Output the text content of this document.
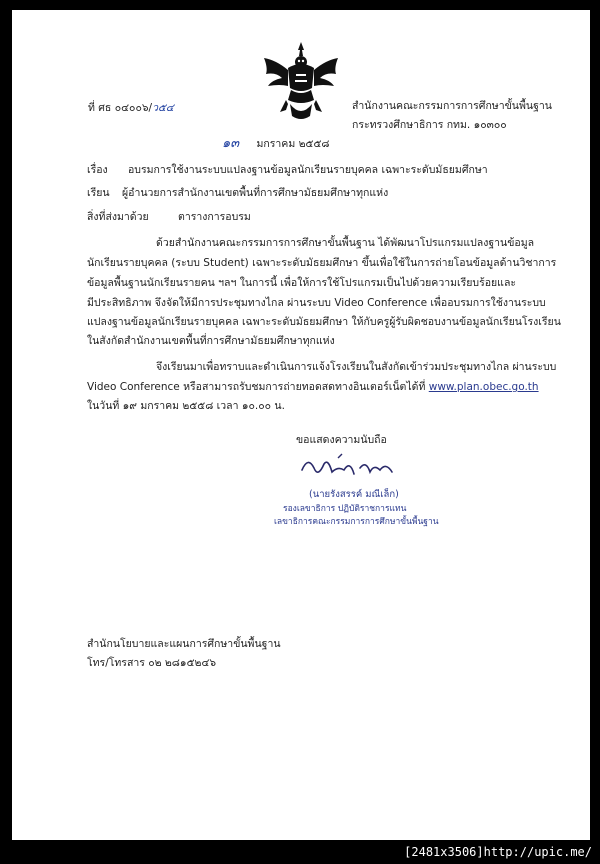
ที่ ศธ ๐๔๐๐๖/ว๕๔	สำนักงานคณะกรรมการการศึกษาขั้นพื้นฐาน
กระทรวงศึกษาธิการ กทม. ๑๐๓๐๐
๑๓ มกราคม ๒๕๕๘
เรื่อง อบรมการใช้งานระบบแปลงฐานข้อมูลนักเรียนรายบุคคล เฉพาะระดับมัธยมศึกษา
เรียน ผู้อำนวยการสำนักงานเขตพื้นที่การศึกษามัธยมศึกษาทุกแห่ง
สิ่งที่ส่งมาด้วย	ตารางการอบรม
ด้วยสำนักงานคณะกรรมการการศึกษาขั้นพื้นฐาน ได้พัฒนาโปรแกรมแปลงฐานข้อมูล
นักเรียนรายบุคคล (ระบบ Student) เฉพาะระดับมัธยมศึกษา ขึ้นเพื่อใช้ในการถ่ายโอนข้อมูลด้านวิชาการ
ข้อมูลพื้นฐานนักเรียนรายคน ฯลฯ ในการนี้ เพื่อให้การใช้โปรแกรมเป็นไปด้วยความเรียบร้อยและ
มีประสิทธิภาพ จึงจัดให้มีการประชุมทางไกล ผ่านระบบ Video Conference เพื่ออบรมการใช้งานระบบ
แปลงฐานข้อมูลนักเรียนรายบุคคล เฉพาะระดับมัธยมศึกษา ให้กับครูผู้รับผิดชอบงานข้อมูลนักเรียนโรงเรียน
ในสังกัดสำนักงานเขตพื้นที่การศึกษามัธยมศึกษาทุกแห่ง
จึงเรียนมาเพื่อทราบและดำเนินการแจ้งโรงเรียนในสังกัดเข้าร่วมประชุมทางไกล ผ่านระบบ
Video Conference หรือสามารถรับชมการถ่ายทอดสดทางอินเตอร์เน็ตได้ที่ www.plan.obec.go.th
ในวันที่ ๑๙ มกราคม ๒๕๕๘ เวลา ๑๐.๐๐ น.
ขอแสดงความนับถือ
(นายรังสรรค์ มณีเล็ก)
รองเลขาธิการ ปฏิบัติราชการแทน
เลขาธิการคณะกรรมการการศึกษาขั้นพื้นฐาน
สำนักนโยบายและแผนการศึกษาขั้นพื้นฐาน
โทร/โทรสาร ๐๒ ๒๘๑๕๒๔๖
[2481x3506]http://upic.me/
